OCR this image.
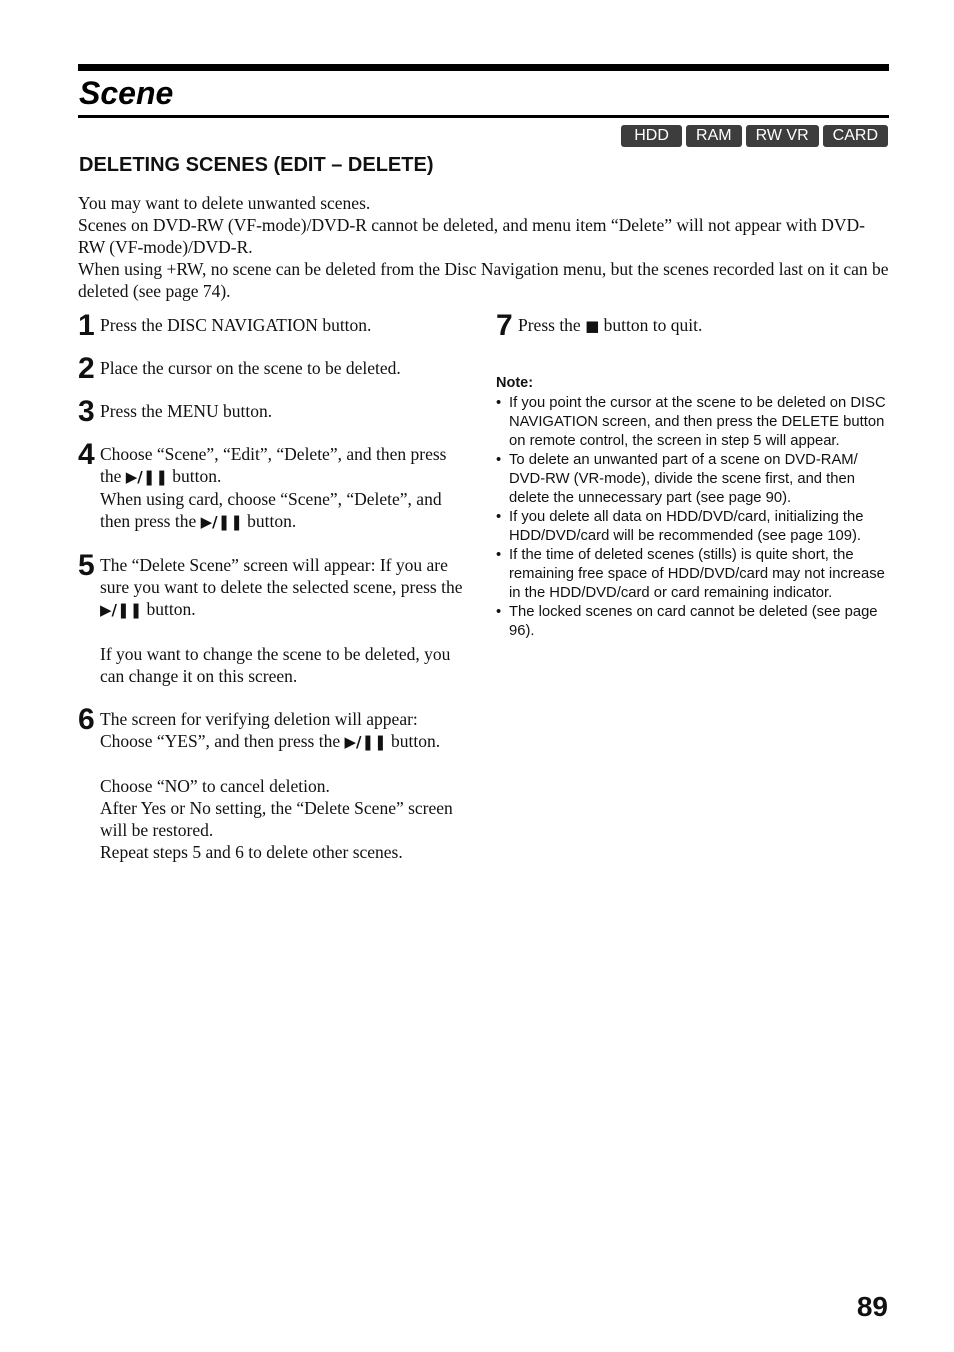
Scene
HDD	RAM	RW VR	CARD
DELETING SCENES (EDIT – DELETE)

You may want to delete unwanted scenes.

Scenes on DVD-RW (VF-mode)/DVD-R cannot be deleted, and menu item “Delete” will not appear with DVD-RW (VF-mode)/DVD-R.

When using +RW, no scene can be deleted from the Disc Navigation menu, but the scenes recorded last on it can be deleted (see page 74).

1 Press the DISC NAVIGATION button.

2 Place the cursor on the scene to be deleted.

3 Press the MENU button.

4 Choose “Scene”, “Edit”, “Delete”, and then press the ▶/❚❚ button.

When using card, choose “Scene”, “Delete”, and then press the ▶/❚❚ button.

5 The “Delete Scene” screen will appear: If you are sure you want to delete the selected scene, press the ▶/❚❚ button.

If you want to change the scene to be deleted, you can change it on this screen.

6 The screen for verifying deletion will appear: Choose “YES”, and then press the ▶/❚❚ button.

Choose “NO” to cancel deletion.

After Yes or No setting, the “Delete Scene” screen will be restored.

Repeat steps 5 and 6 to delete other scenes.

7 Press the ■ button to quit.

Note:
• If you point the cursor at the scene to be deleted on DISC NAVIGATION screen, and then press the DELETE button on remote control, the screen in step 5 will appear.
• To delete an unwanted part of a scene on DVD-RAM/ DVD-RW (VR-mode), divide the scene first, and then delete the unnecessary part (see page 90).
• If you delete all data on HDD/DVD/card, initializing the HDD/DVD/card will be recommended (see page 109).
• If the time of deleted scenes (stills) is quite short, the remaining free space of HDD/DVD/card may not increase in the HDD/DVD/card or card remaining indicator.
• The locked scenes on card cannot be deleted (see page 96).
89
